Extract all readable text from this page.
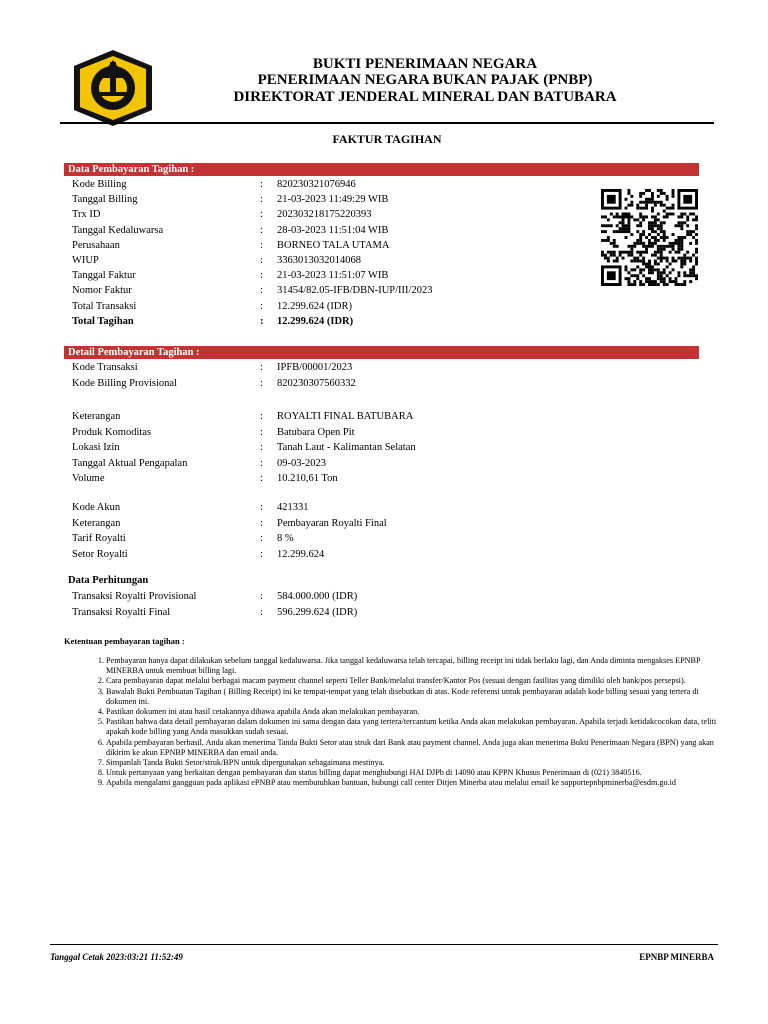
BUKTI PENERIMAAN NEGARA
PENERIMAAN NEGARA BUKAN PAJAK (PNBP)
DIREKTORAT JENDERAL MINERAL DAN BATUBARA
FAKTUR TAGIHAN
Data Pembayaran Tagihan :
Kode Billing	: 820230321076946
Tanggal Billing	: 21-03-2023 11:49:29 WIB
Trx ID	: 202303218175220393
Tanggal Kedaluwarsa	: 28-03-2023 11:51:04 WIB
Perusahaan	: BORNEO TALA UTAMA
WIUP	: 3363013032014068
Tanggal Faktur	: 21-03-2023 11:51:07 WIB
Nomor Faktur	: 31454/82.05-IFB/DBN-IUP/III/2023
Total Transaksi	: 12.299.624 (IDR)
Total Tagihan	: 12.299.624 (IDR)
Detail Pembayaran Tagihan :
Kode Transaksi	: IPFB/00001/2023
Kode Billing Provisional	: 820230307560332
Keterangan	: ROYALTI FINAL BATUBARA
Produk Komoditas	: Batubara Open Pit
Lokasi Izin	: Tanah Laut - Kalimantan Selatan
Tanggal Aktual Pengapalan	: 09-03-2023
Volume	: 10.210,61 Ton
Kode Akun	: 421331
Keterangan	: Pembayaran Royalti Final
Tarif Royalti	: 8 %
Setor Royalti	: 12.299.624
Data Perhitungan
Transaksi Royalti Provisional	: 584.000.000 (IDR)
Transaksi Royalti Final	: 596.299.624 (IDR)
Ketentuan pembayaran tagihan :
1. Pembayaran hanya dapat dilakukan sebelum tanggal kedaluwarsa. Jika tanggal kedaluwarsa telah tercapai, billing receipt ini tidak berlaku lagi, dan Anda diminta mengakses EPNBP MINERBA untuk membuat billing lagi.
2. Cara pembayaran dapat melalui berbagai macam payment channel seperti Teller Bank/melalui transfer/Kantor Pos (sesuai dengan fasilitas yang dimiliki oleh bank/pos persepsi).
3. Bawalah Bukti Pembuatan Tagihan ( Billing Receipt) ini ke tempat-tempat yang telah disebutkan di atas. Kode referensi untuk pembayaran adalah kode billing sesuai yang tertera di dokumen ini.
4. Pastikan dokumen ini atau hasil cetakannya dibawa apabila Anda akan melakukan pembayaran.
5. Pastikan bahwa data detail pembayaran dalam dokumen ini sama dengan data yang tertera/tercantum ketika Anda akan melakukan pembayaran. Apabila terjadi ketidakcocokan data, teliti apakah kode billing yang Anda masukkan sudah sesuai.
6. Apabila pembayaran berhasil, Anda akan menerima Tanda Bukti Setor atau struk dari Bank atau payment channel. Anda juga akan menerima Bukti Penerimaan Negara (BPN) yang akan dikirim ke akun EPNBP MINERBA dan email anda.
7. Simpanlah Tanda Bukti Setor/struk/BPN untuk dipergunakan sebagaimana mestinya.
8. Untuk pertanyaan yang berkaitan dengan pembayaran dan status billing dapat menghubungi HAI DJPb di 14090 atau KPPN Khusus Penerimaan di (021) 3840516.
9. Apabila mengalami gangguan pada aplikasi ePNBP atau membutuhkan bantuan, hubungi call center Ditjen Minerba atau melalui email ke supportepnbpminerba@esdm.go.id
Tanggal Cetak 2023:03:21 11:52:49	EPNBP MINERBA
